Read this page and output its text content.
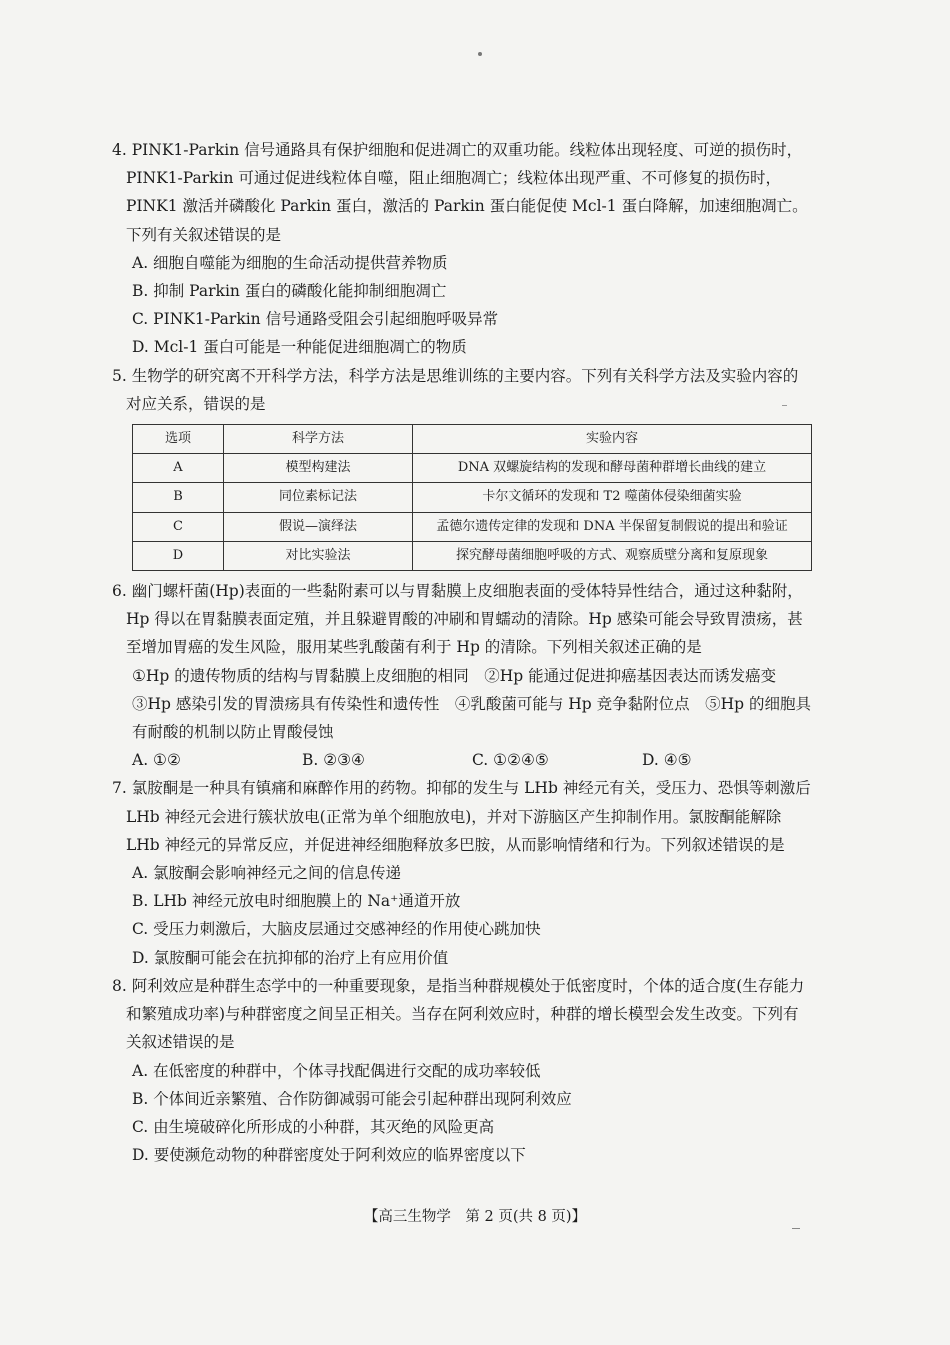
4. PINK1-Parkin 信号通路具有保护细胞和促进凋亡的双重功能。线粒体出现轻度、可逆的损伤时，PINK1-Parkin 可通过促进线粒体自噬，阻止细胞凋亡；线粒体出现严重、不可修复的损伤时，PINK1 激活并磷酸化 Parkin 蛋白，激活的 Parkin 蛋白能促使 Mcl-1 蛋白降解，加速细胞凋亡。下列有关叙述错误的是

A. 细胞自噬能为细胞的生命活动提供营养物质

B. 抑制 Parkin 蛋白的磷酸化能抑制细胞凋亡

C. PINK1-Parkin 信号通路受阻会引起细胞呼吸异常

D. Mcl-1 蛋白可能是一种能促进细胞凋亡的物质

5. 生物学的研究离不开科学方法，科学方法是思维训练的主要内容。下列有关科学方法及实验内容的对应关系，错误的是

选项	科学方法	实验内容
A	模型构建法	DNA 双螺旋结构的发现和酵母菌种群增长曲线的建立
B	同位素标记法	卡尔文循环的发现和 T2 噬菌体侵染细菌实验
C	假说—演绎法	孟德尔遗传定律的发现和 DNA 半保留复制假说的提出和验证
D	对比实验法	探究酵母菌细胞呼吸的方式、观察质壁分离和复原现象

6. 幽门螺杆菌(Hp)表面的一些黏附素可以与胃黏膜上皮细胞表面的受体特异性结合，通过这种黏附，Hp 得以在胃黏膜表面定殖，并且躲避胃酸的冲刷和胃蠕动的清除。Hp 感染可能会导致胃溃疡，甚至增加胃癌的发生风险，服用某些乳酸菌有利于 Hp 的清除。下列相关叙述正确的是

①Hp 的遗传物质的结构与胃黏膜上皮细胞的相同　②Hp 能通过促进抑癌基因表达而诱发癌变　③Hp 感染引发的胃溃疡具有传染性和遗传性　④乳酸菌可能与 Hp 竞争黏附位点　⑤Hp 的细胞具有耐酸的机制以防止胃酸侵蚀

A. ①②	B. ②③④	C. ①②④⑤	D. ④⑤

7. 氯胺酮是一种具有镇痛和麻醉作用的药物。抑郁的发生与 LHb 神经元有关，受压力、恐惧等刺激后 LHb 神经元会进行簇状放电(正常为单个细胞放电)，并对下游脑区产生抑制作用。氯胺酮能解除 LHb 神经元的异常反应，并促进神经细胞释放多巴胺，从而影响情绪和行为。下列叙述错误的是

A. 氯胺酮会影响神经元之间的信息传递

B. LHb 神经元放电时细胞膜上的 Na⁺通道开放

C. 受压力刺激后，大脑皮层通过交感神经的作用使心跳加快

D. 氯胺酮可能会在抗抑郁的治疗上有应用价值

8. 阿利效应是种群生态学中的一种重要现象，是指当种群规模处于低密度时，个体的适合度(生存能力和繁殖成功率)与种群密度之间呈正相关。当存在阿利效应时，种群的增长模型会发生改变。下列有关叙述错误的是

A. 在低密度的种群中，个体寻找配偶进行交配的成功率较低

B. 个体间近亲繁殖、合作防御减弱可能会引起种群出现阿利效应

C. 由生境破碎化所形成的小种群，其灭绝的风险更高

D. 要使濒危动物的种群密度处于阿利效应的临界密度以下

【高三生物学　第 2 页(共 8 页)】
